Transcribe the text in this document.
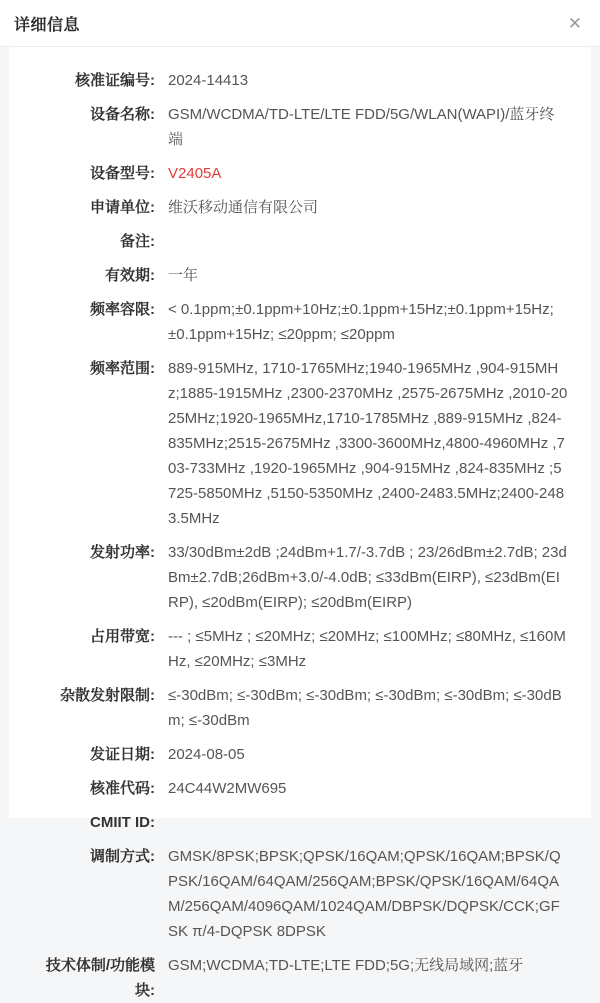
详细信息	✕
核准证编号: 2024-14413
设备名称: GSM/WCDMA/TD-LTE/LTE FDD/5G/WLAN(WAPI)/蓝牙终端
设备型号: V2405A
申请单位: 维沃移动通信有限公司
备注:
有效期: 一年
频率容限: < 0.1ppm;±0.1ppm+10Hz;±0.1ppm+15Hz;±0.1ppm+15Hz;±0.1ppm+15Hz; ≤20ppm; ≤20ppm
频率范围: 889-915MHz, 1710-1765MHz;1940-1965MHz ,904-915MHz;1885-1915MHz ,2300-2370MHz ,2575-2675MHz ,2010-2025MHz;1920-1965MHz,1710-1785MHz ,889-915MHz ,824-835MHz;2515-2675MHz ,3300-3600MHz,4800-4960MHz ,703-733MHz ,1920-1965MHz ,904-915MHz ,824-835MHz ;5725-5850MHz ,5150-5350MHz ,2400-2483.5MHz;2400-2483.5MHz
发射功率: 33/30dBm±2dB ;24dBm+1.7/-3.7dB ; 23/26dBm±2.7dB; 23dBm±2.7dB;26dBm+3.0/-4.0dB; ≤33dBm(EIRP), ≤23dBm(EIRP), ≤20dBm(EIRP); ≤20dBm(EIRP)
占用带宽: --- ; ≤5MHz ; ≤20MHz; ≤20MHz; ≤100MHz; ≤80MHz, ≤160MHz, ≤20MHz; ≤3MHz
杂散发射限制: ≤-30dBm; ≤-30dBm; ≤-30dBm; ≤-30dBm; ≤-30dBm; ≤-30dBm; ≤-30dBm
发证日期: 2024-08-05
核准代码: 24C44W2MW695
CMIIT ID:
调制方式: GMSK/8PSK;BPSK;QPSK/16QAM;QPSK/16QAM;BPSK/QPSK/16QAM/64QAM/256QAM;BPSK/QPSK/16QAM/64QAM/256QAM/4096QAM/1024QAM/DBPSK/DQPSK/CCK;GFSK π/4-DQPSK 8DPSK
技术体制/功能模块:
GSM;WCDMA;TD-LTE;LTE FDD;5G;无线局域网;蓝牙
